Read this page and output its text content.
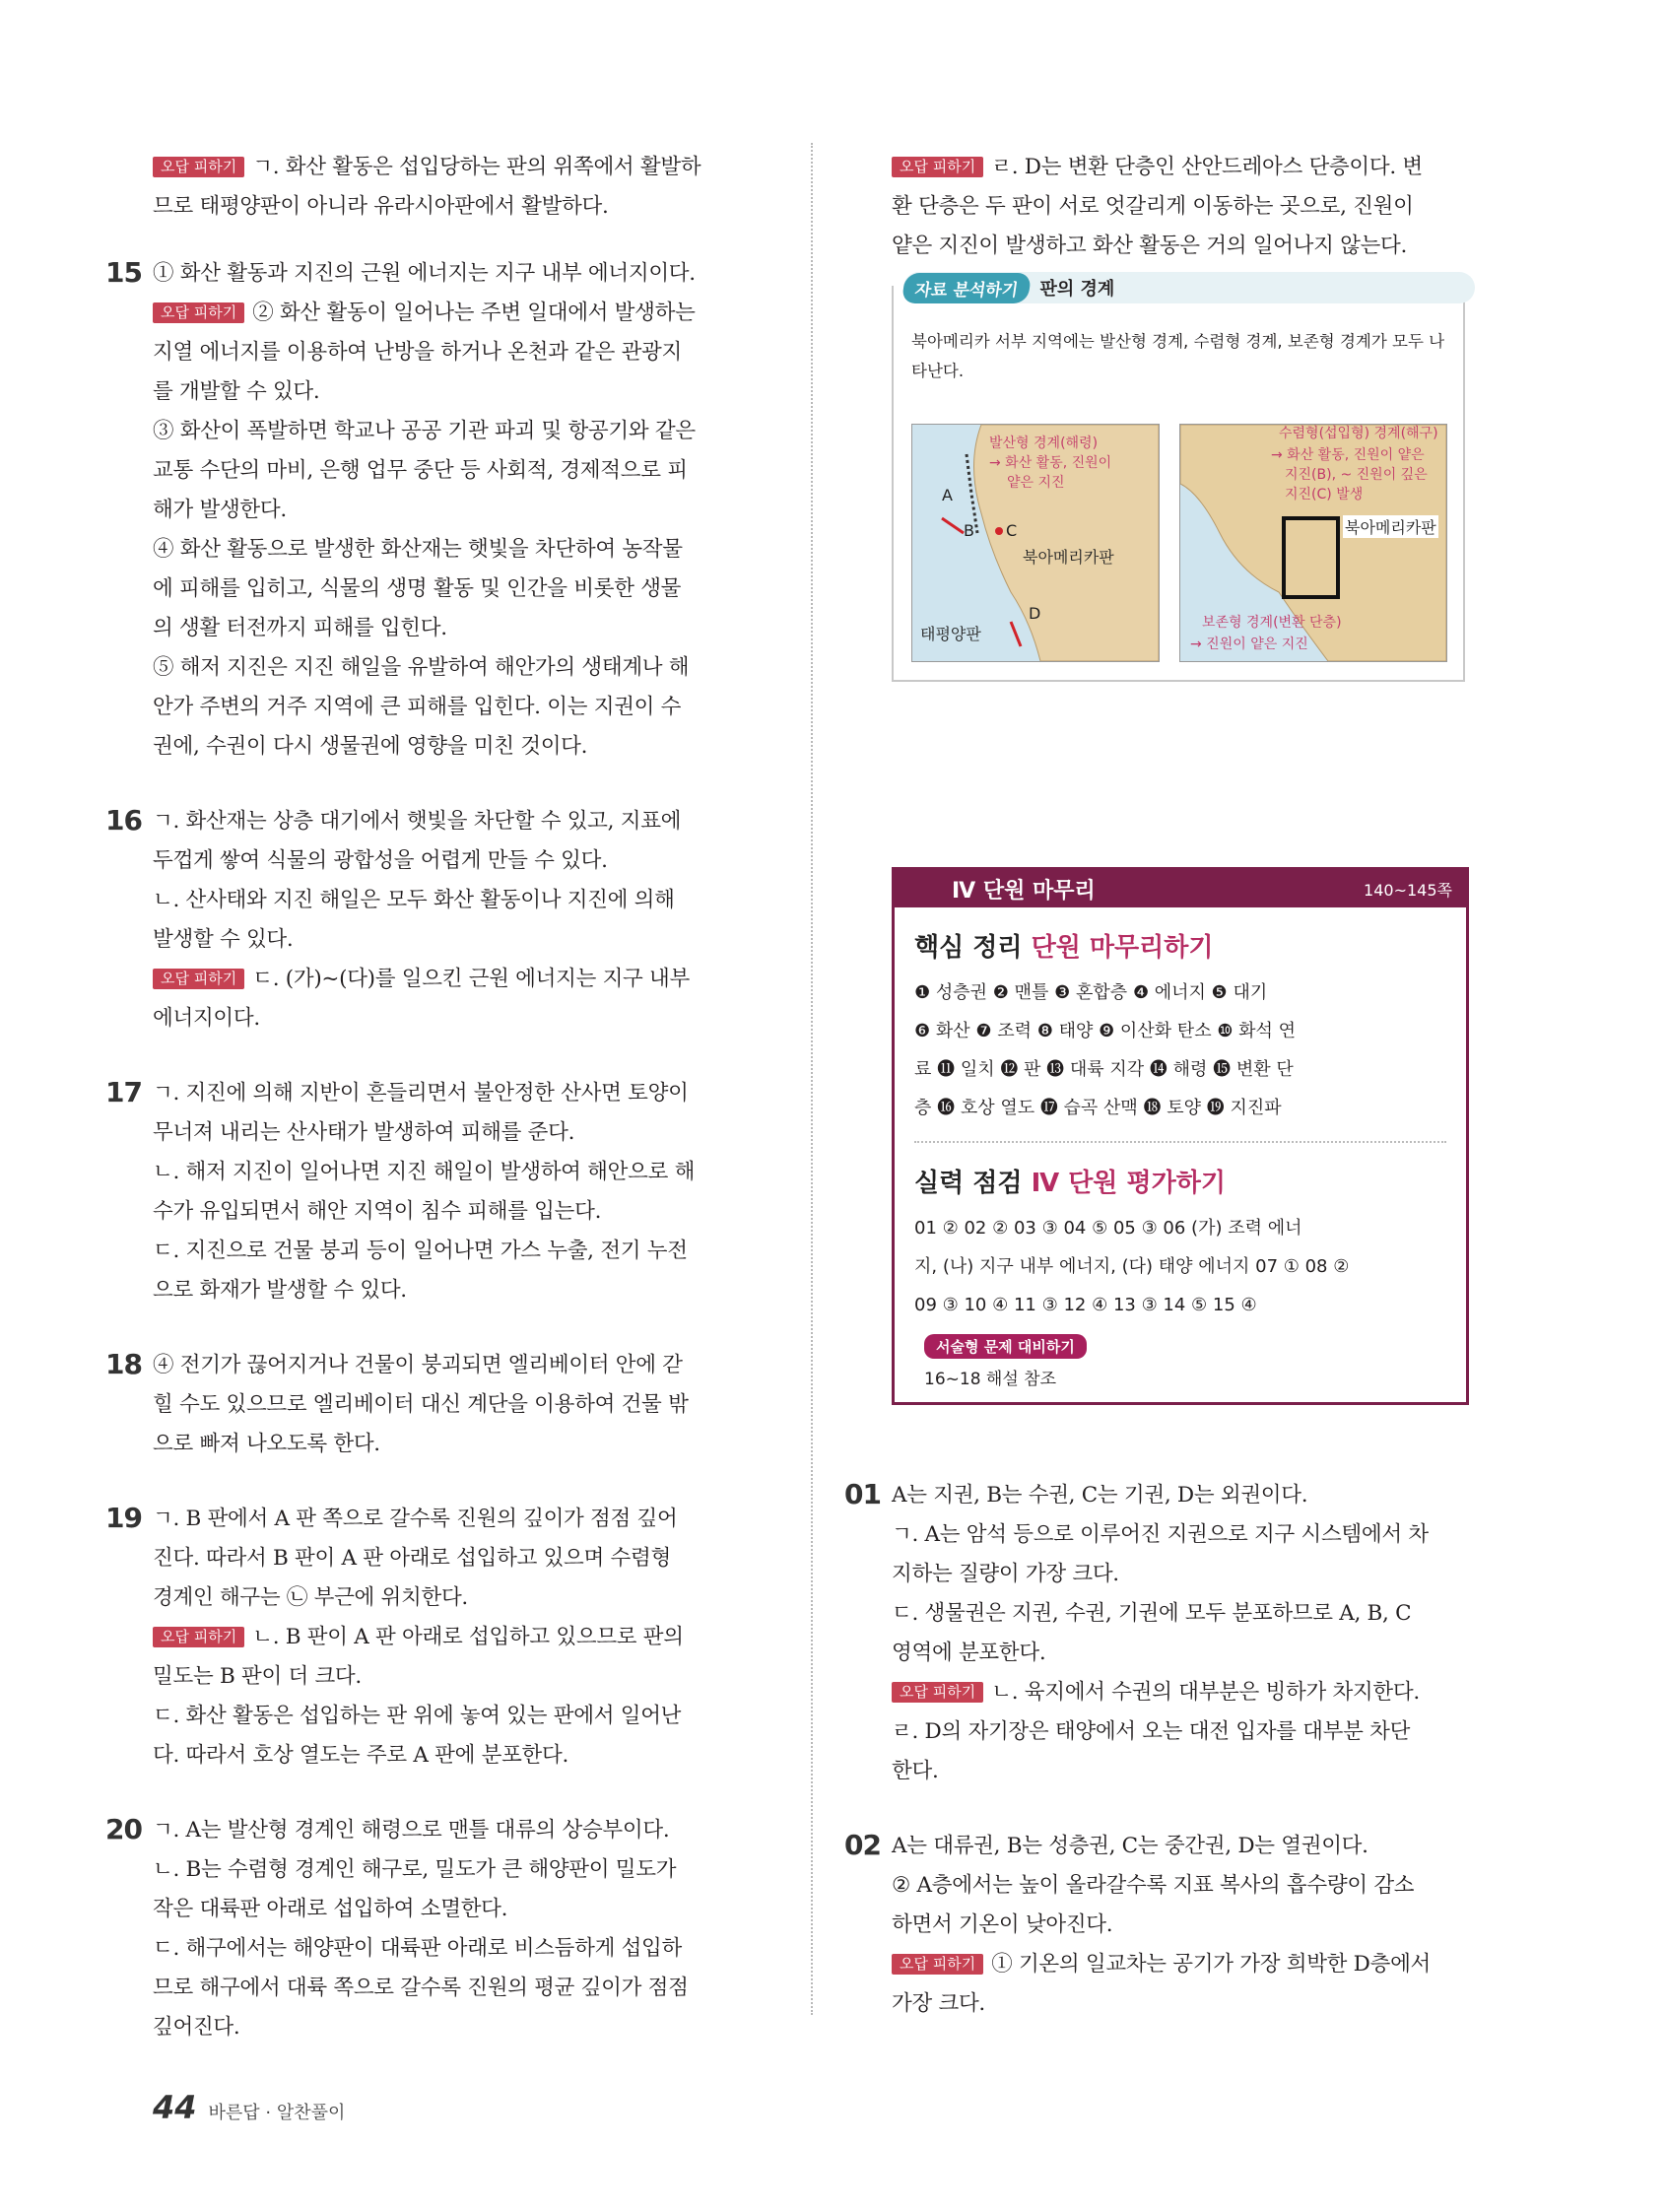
오답 피하기 ㄱ. 화산 활동은 섭입당하는 판의 위쪽에서 활발하
므로 태평양판이 아니라 유라시아판에서 활발하다.
15 ① 화산 활동과 지진의 근원 에너지는 지구 내부 에너지이다.
오답 피하기 ② 화산 활동이 일어나는 주변 일대에서 발생하는
지열 에너지를 이용하여 난방을 하거나 온천과 같은 관광지
를 개발할 수 있다.
③ 화산이 폭발하면 학교나 공공 기관 파괴 및 항공기와 같은
교통 수단의 마비, 은행 업무 중단 등 사회적, 경제적으로 피
해가 발생한다.
④ 화산 활동으로 발생한 화산재는 햇빛을 차단하여 농작물
에 피해를 입히고, 식물의 생명 활동 및 인간을 비롯한 생물
의 생활 터전까지 피해를 입힌다.
⑤ 해저 지진은 지진 해일을 유발하여 해안가의 생태계나 해
안가 주변의 거주 지역에 큰 피해를 입힌다. 이는 지권이 수
권에, 수권이 다시 생물권에 영향을 미친 것이다.
16 ㄱ. 화산재는 상층 대기에서 햇빛을 차단할 수 있고, 지표에
두껍게 쌓여 식물의 광합성을 어렵게 만들 수 있다.
ㄴ. 산사태와 지진 해일은 모두 화산 활동이나 지진에 의해
발생할 수 있다.
오답 피하기 ㄷ. (가)~(다)를 일으킨 근원 에너지는 지구 내부
에너지이다.
17 ㄱ. 지진에 의해 지반이 흔들리면서 불안정한 산사면 토양이
무너져 내리는 산사태가 발생하여 피해를 준다.
ㄴ. 해저 지진이 일어나면 지진 해일이 발생하여 해안으로 해
수가 유입되면서 해안 지역이 침수 피해를 입는다.
ㄷ. 지진으로 건물 붕괴 등이 일어나면 가스 누출, 전기 누전
으로 화재가 발생할 수 있다.
18 ④ 전기가 끊어지거나 건물이 붕괴되면 엘리베이터 안에 갇
힐 수도 있으므로 엘리베이터 대신 계단을 이용하여 건물 밖
으로 빠져 나오도록 한다.
19 ㄱ. B 판에서 A 판 쪽으로 갈수록 진원의 깊이가 점점 깊어
진다. 따라서 B 판이 A 판 아래로 섭입하고 있으며 수렴형
경계인 해구는 ㉡ 부근에 위치한다.
오답 피하기 ㄴ. B 판이 A 판 아래로 섭입하고 있으므로 판의
밀도는 B 판이 더 크다.
ㄷ. 화산 활동은 섭입하는 판 위에 놓여 있는 판에서 일어난
다. 따라서 호상 열도는 주로 A 판에 분포한다.
20 ㄱ. A는 발산형 경계인 해령으로 맨틀 대류의 상승부이다.
ㄴ. B는 수렴형 경계인 해구로, 밀도가 큰 해양판이 밀도가
작은 대륙판 아래로 섭입하여 소멸한다.
ㄷ. 해구에서는 해양판이 대륙판 아래로 비스듬하게 섭입하
므로 해구에서 대륙 쪽으로 갈수록 진원의 평균 깊이가 점점
깊어진다.
오답 피하기 ㄹ. D는 변환 단층인 산안드레아스 단층이다. 변
환 단층은 두 판이 서로 엇갈리게 이동하는 곳으로, 진원이
얕은 지진이 발생하고 화산 활동은 거의 일어나지 않는다.
자료 분석하기	판의 경계
북아메리카 서부 지역에는 발산형 경계, 수렴형 경계, 보존형 경계가 모두 나타난다.
A
B C
D
북아메리카판
태평양판
발산형 경계(해령)
→ 화산 활동, 진원이
얕은 지진
북아메리카판
수렴형(섭입형) 경계(해구)
→ 화산 활동, 진원이 얕은
지진(B), ~ 진원이 깊은
지진(C) 발생
보존형 경계(변환 단층)
→ 진원이 얕은 지진
Ⅳ 단원 마무리	140~145쪽
핵심 정리 단원 마무리하기
❶ 성층권 ❷ 맨틀 ❸ 혼합층 ❹ 에너지 ❺ 대기
❻ 화산 ❼ 조력 ❽ 태양 ❾ 이산화 탄소 ❿ 화석 연
료 ⓫ 일치 ⓬ 판 ⓭ 대륙 지각 ⓮ 해령 ⓯ 변환 단
층 ⓰ 호상 열도 ⓱ 습곡 산맥 ⓲ 토양 ⓳ 지진파
실력 점검 Ⅳ 단원 평가하기
01 ② 02 ② 03 ③ 04 ⑤ 05 ③ 06 (가) 조력 에너
지, (나) 지구 내부 에너지, (다) 태양 에너지 07 ① 08 ②
09 ③ 10 ④ 11 ③ 12 ④ 13 ③ 14 ⑤ 15 ④
서술형 문제 대비하기
16~18 해설 참조
01 A는 지권, B는 수권, C는 기권, D는 외권이다.
ㄱ. A는 암석 등으로 이루어진 지권으로 지구 시스템에서 차
지하는 질량이 가장 크다.
ㄷ. 생물권은 지권, 수권, 기권에 모두 분포하므로 A, B, C
영역에 분포한다.
오답 피하기 ㄴ. 육지에서 수권의 대부분은 빙하가 차지한다.
ㄹ. D의 자기장은 태양에서 오는 대전 입자를 대부분 차단
한다.
02 A는 대류권, B는 성층권, C는 중간권, D는 열권이다.
② A층에서는 높이 올라갈수록 지표 복사의 흡수량이 감소
하면서 기온이 낮아진다.
오답 피하기 ① 기온의 일교차는 공기가 가장 희박한 D층에서
가장 크다.
44 바른답 · 알찬풀이
